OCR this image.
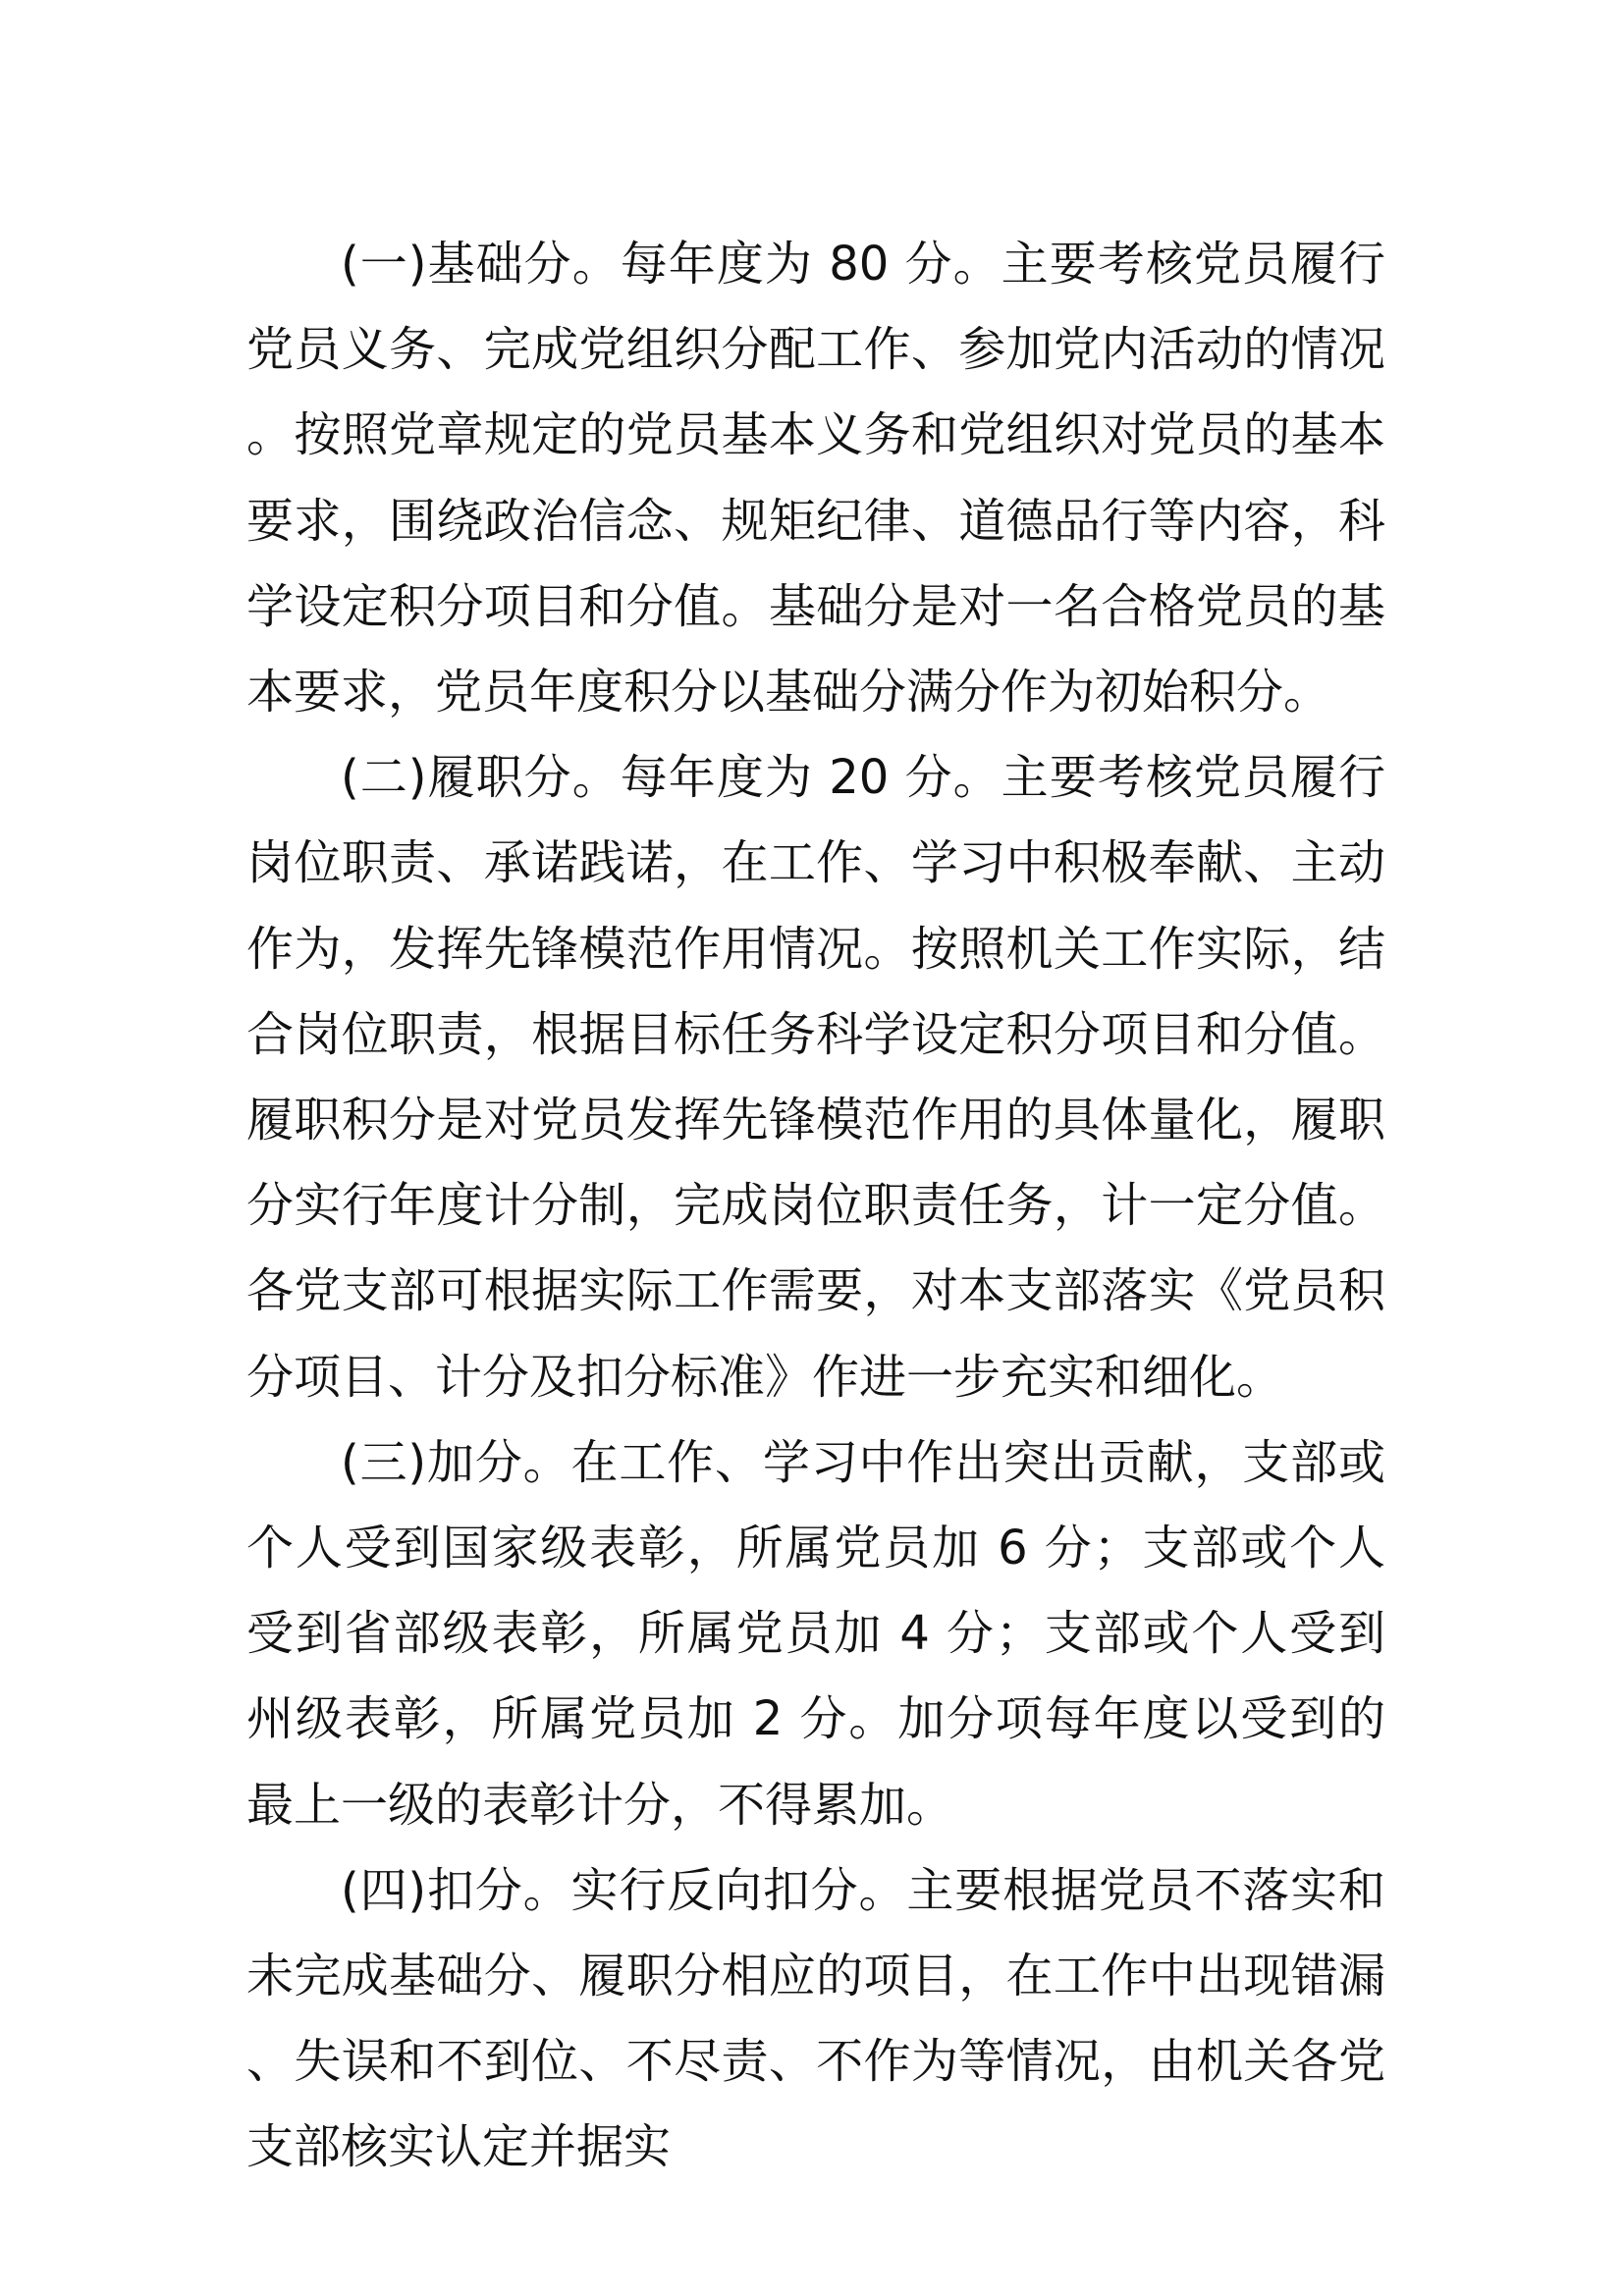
(一)基础分。每年度为 80 分。主要考核党员履行党员义务、完成党组织分配工作、参加党内活动的情况。按照党章规定的党员基本义务和党组织对党员的基本要求，围绕政治信念、规矩纪律、道德品行等内容，科学设定积分项目和分值。基础分是对一名合格党员的基本要求，党员年度积分以基础分满分作为初始积分。

(二)履职分。每年度为 20 分。主要考核党员履行岗位职责、承诺践诺，在工作、学习中积极奉献、主动作为，发挥先锋模范作用情况。按照机关工作实际，结合岗位职责，根据目标任务科学设定积分项目和分值。履职积分是对党员发挥先锋模范作用的具体量化，履职分实行年度计分制，完成岗位职责任务，计一定分值。各党支部可根据实际工作需要，对本支部落实《党员积分项目、计分及扣分标准》作进一步充实和细化。

(三)加分。在工作、学习中作出突出贡献，支部或个人受到国家级表彰，所属党员加 6 分；支部或个人受到省部级表彰，所属党员加 4 分；支部或个人受到州级表彰，所属党员加 2 分。加分项每年度以受到的最上一级的表彰计分，不得累加。

(四)扣分。实行反向扣分。主要根据党员不落实和未完成基础分、履职分相应的项目，在工作中出现错漏、失误和不到位、不尽责、不作为等情况，由机关各党支部核实认定并据实
